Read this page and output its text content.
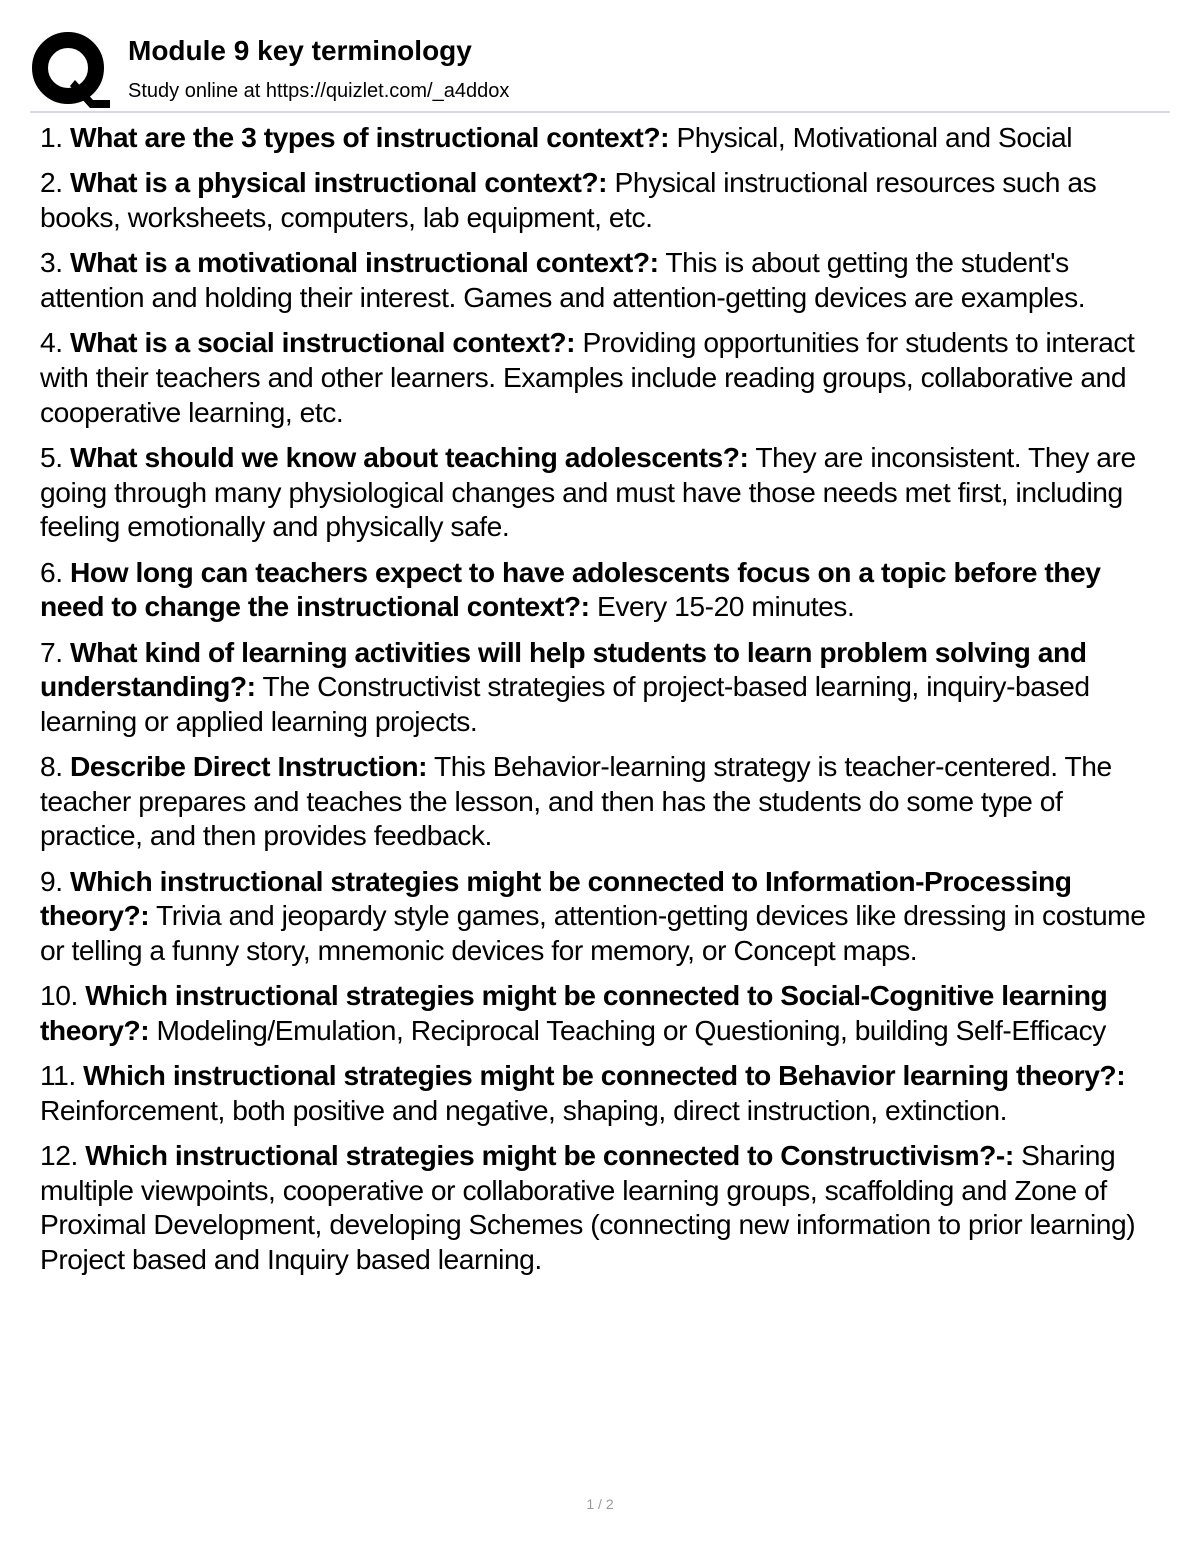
Module 9 key terminology
Study online at https://quizlet.com/_a4ddox

1. What are the 3 types of instructional context?: Physical, Motivational and Social

2. What is a physical instructional context?: Physical instructional resources such as books, worksheets, computers, lab equipment, etc.

3. What is a motivational instructional context?: This is about getting the student's attention and holding their interest. Games and attention-getting devices are examples.

4. What is a social instructional context?: Providing opportunities for students to interact with their teachers and other learners. Examples include reading groups, collaborative and cooperative learning, etc.

5. What should we know about teaching adolescents?: They are inconsistent. They are going through many physiological changes and must have those needs met first, including feeling emotionally and physically safe.

6. How long can teachers expect to have adolescents focus on a topic before they need to change the instructional context?: Every 15-20 minutes.

7. What kind of learning activities will help students to learn problem solving and understanding?: The Constructivist strategies of project-based learning, inquiry-based learning or applied learning projects.

8. Describe Direct Instruction: This Behavior-learning strategy is teacher-centered. The teacher prepares and teaches the lesson, and then has the students do some type of practice, and then provides feedback.

9. Which instructional strategies might be connected to Information-Processing theory?: Trivia and jeopardy style games, attention-getting devices like dressing in costume or telling a funny story, mnemonic devices for memory, or Concept maps.

10. Which instructional strategies might be connected to Social-Cognitive learning theory?: Modeling/Emulation, Reciprocal Teaching or Questioning, building Self-Efficacy

11. Which instructional strategies might be connected to Behavior learning theory?: Reinforcement, both positive and negative, shaping, direct instruction, extinction.

12. Which instructional strategies might be connected to Constructivism?-: Sharing multiple viewpoints, cooperative or collaborative learning groups, scaffolding and Zone of Proximal Development, developing Schemes (connecting new information to prior learning) Project based and Inquiry based learning.

1 / 2
